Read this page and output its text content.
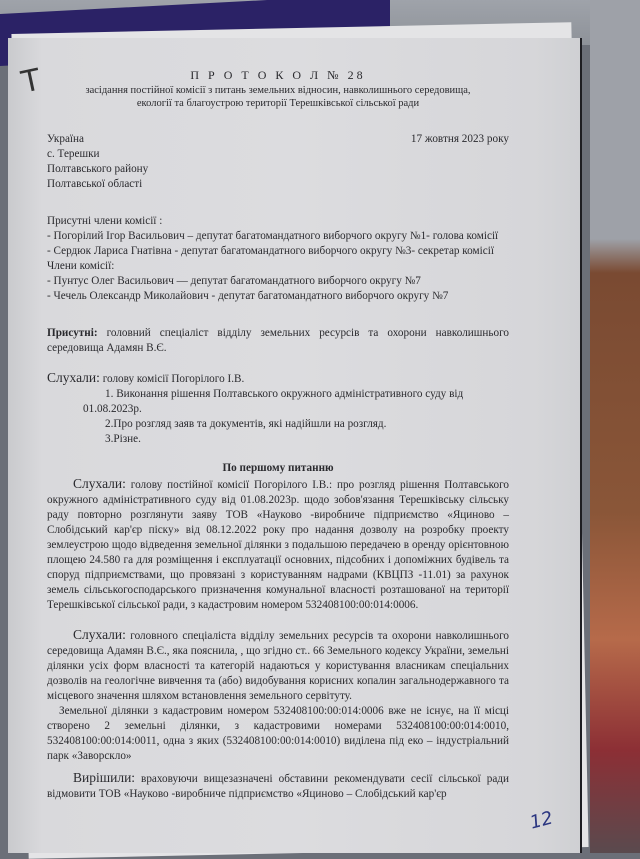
T	П Р О Т О К О Л № 28

засідання постійної комісії з питань земельних відносин, навколишнього середовища,

екології та благоустрою території Терешківської сільської ради

Україна

с. Терешки

Полтавського району

Полтавської області

17 жовтня 2023 року

Присутні члени комісії :

- Погорілий Ігор Васильович – депутат багатомандатного виборчого округу №1- голова комісії

- Сердюк Лариса Гнатівна - депутат багатомандатного виборчого округу №3- секретар комісії

Члени комісії:

- Пунтус Олег Васильович — депутат багатомандатного виборчого округу №7

- Чечель Олександр Миколайович - депутат багатомандатного виборчого округу №7

Присутні: головний спеціаліст відділу земельних ресурсів та охорони навколишнього середовища Адамян В.Є.

Слухали: голову комісії Погорілого І.В.

1. Виконання рішення Полтавського окружного адміністративного суду від

01.08.2023р.

2.Про розгляд заяв та документів, які надійшли на розгляд.

3.Різне.

По першому питанню

Слухали: голову постійної комісії Погорілого І.В.: про розгляд рішення Полтавського окружного адміністративного суду від 01.08.2023р. щодо зобов'язання Терешківську сільську раду повторно розглянути заяву ТОВ «Науково -виробниче підприємство «Яциново – Слобідський кар'єр піску» від 08.12.2022 року про надання дозволу на розробку проекту землеустрою щодо відведення земельної ділянки з подальшою передачею в оренду орієнтовною площею 24.580 га для розміщення і експлуатації основних, підсобних і допоміжних будівель та споруд підприємствами, що провязані з користуванням надрами (КВЦПЗ -11.01) за рахунок земель сільськогосподарського призначення комунальної власності розташованої на території Терешківської сільської ради, з кадастровим номером 532408100:00:014:0006.

Слухали: головного спеціаліста відділу земельних ресурсів та охорони навколишнього середовища Адамян В.Є., яка пояснила, , що згідно ст.. 66 Земельного кодексу України, земельні ділянки усіх форм власності та категорій надаються у користування власникам спеціальних дозволів на геологічне вивчення та (або) видобування корисних копалин загальнодержавного та місцевого значення шляхом встановлення земельного сервітуту.

Земельної ділянки з кадастровим номером 532408100:00:014:0006 вже не існує, на її місці створено 2 земельні ділянки, з кадастровими номерами 532408100:00:014:0010, 532408100:00:014:0011, одна з яких (532408100:00:014:0010) виділена під еко – індустріальний парк «Заворскло»

Вирішили: враховуючи вищезазначені обставини рекомендувати сесії сільської ради відмовити ТОВ «Науково -виробниче підприємство «Яциново – Слобідський кар'єр

12
